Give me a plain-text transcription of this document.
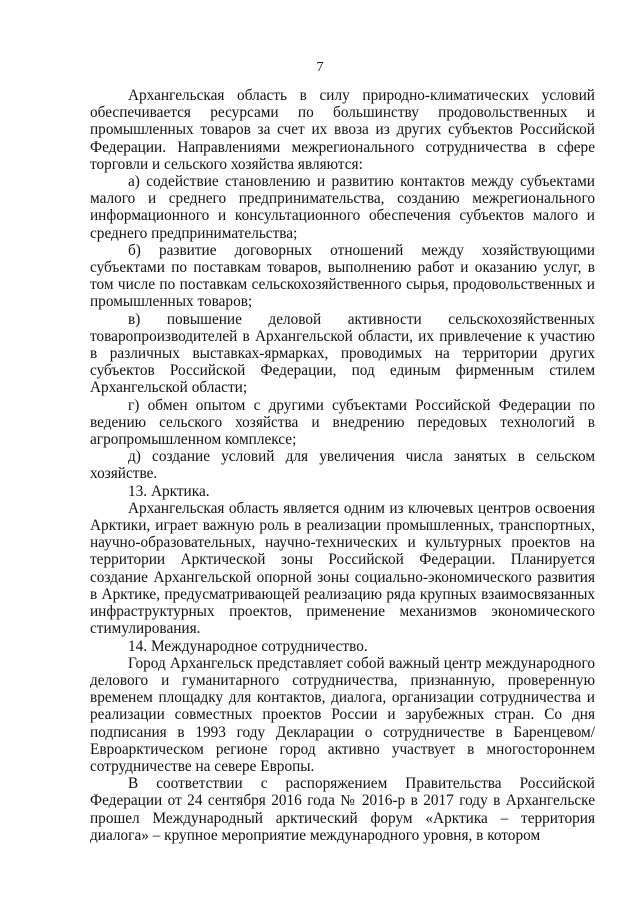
7

Архангельская область в силу природно-климатических условий обеспечивается ресурсами по большинству продовольственных и промышленных товаров за счет их ввоза из других субъектов Российской Федерации. Направлениями межрегионального сотрудничества в сфере торговли и сельского хозяйства являются:

а) содействие становлению и развитию контактов между субъектами малого и среднего предпринимательства, созданию межрегионального информационного и консультационного обеспечения субъектов малого и среднего предпринимательства;

б) развитие договорных отношений между хозяйствующими субъектами по поставкам товаров, выполнению работ и оказанию услуг, в том числе по поставкам сельскохозяйственного сырья, продовольственных и промышленных товаров;

в) повышение деловой активности сельскохозяйственных товаропроизводителей в Архангельской области, их привлечение к участию в различных выставках-ярмарках, проводимых на территории других субъектов Российской Федерации, под единым фирменным стилем Архангельской области;

г) обмен опытом с другими субъектами Российской Федерации по ведению сельского хозяйства и внедрению передовых технологий в агропромышленном комплексе;

д) создание условий для увеличения числа занятых в сельском хозяйстве.

13. Арктика.

Архангельская область является одним из ключевых центров освоения Арктики, играет важную роль в реализации промышленных, транспортных, научно-образовательных, научно-технических и культурных проектов на территории Арктической зоны Российской Федерации. Планируется создание Архангельской опорной зоны социально-экономического развития в Арктике, предусматривающей реализацию ряда крупных взаимосвязанных инфраструктурных проектов, применение механизмов экономического стимулирования.

14. Международное сотрудничество.

Город Архангельск представляет собой важный центр международного делового и гуманитарного сотрудничества, признанную, проверенную временем площадку для контактов, диалога, организации сотрудничества и реализации совместных проектов России и зарубежных стран. Со дня подписания в 1993 году Декларации о сотрудничестве в Баренцевом/Евроарктическом регионе город активно участвует в многостороннем сотрудничестве на севере Европы.

В соответствии с распоряжением Правительства Российской Федерации от 24 сентября 2016 года № 2016-р в 2017 году в Архангельске прошел Международный арктический форум «Арктика – территория диалога» – крупное мероприятие международного уровня, в котором
